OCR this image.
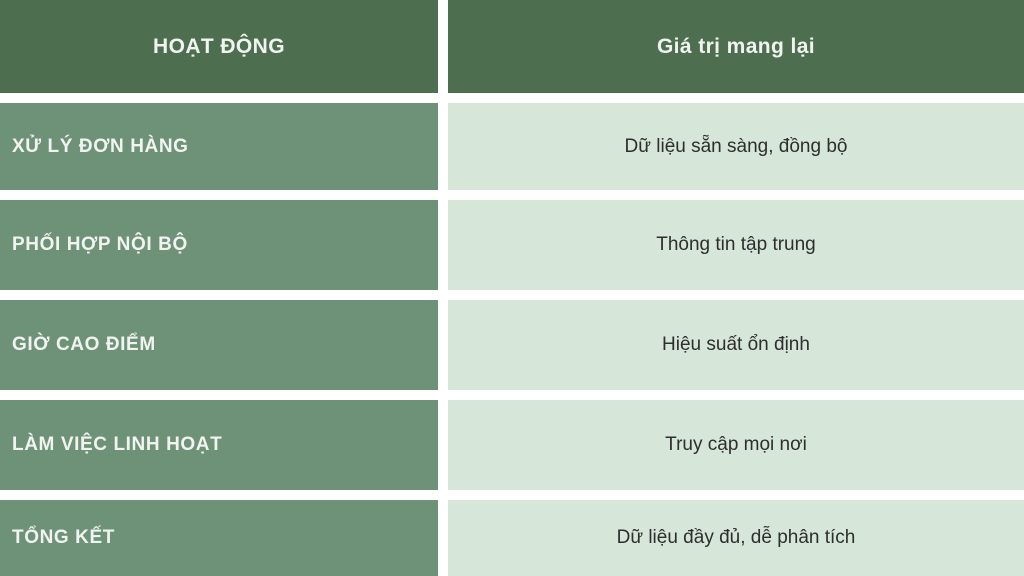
HOẠT ĐỘNG	Giá trị mang lại
XỬ LÝ ĐƠN HÀNG	Dữ liệu sẵn sàng, đồng bộ
PHỐI HỢP NỘI BỘ	Thông tin tập trung
GIỜ CAO ĐIỂM	Hiệu suất ổn định
LÀM VIỆC LINH HOẠT	Truy cập mọi nơi
TỔNG KẾT	Dữ liệu đầy đủ, dễ phân tích
